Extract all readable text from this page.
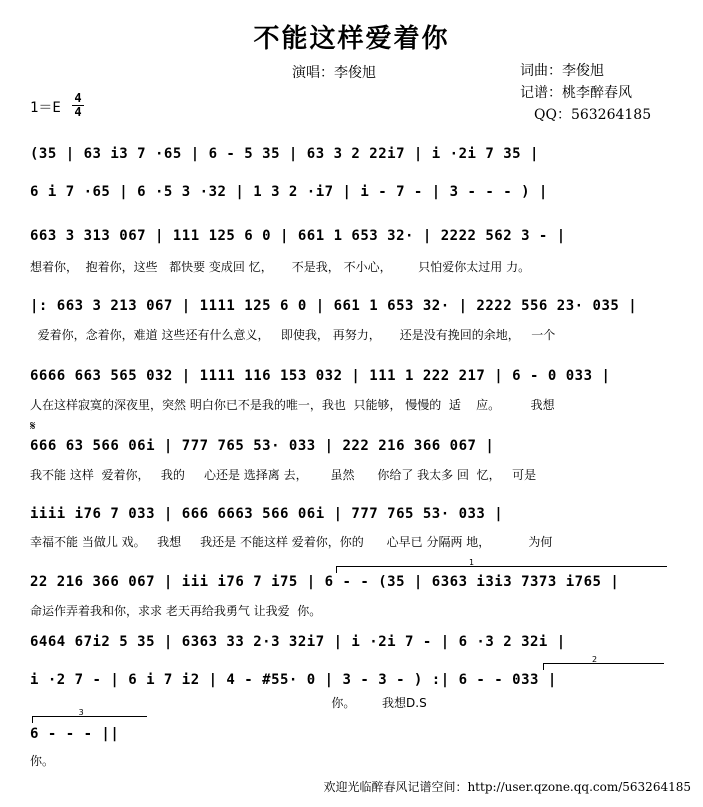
不能这样爱着你
演唱：李俊旭	词曲：李俊旭
记谱：桃李醉春风
QQ：563264185
1＝E
4
4
(35 | 63 i3 7 ·65 | 6 - 5 35 | 63 3 2 22i7 | i ·2i 7 35 |
6 i 7 ·65 | 6 ·5 3 ·32 | 1 3 2 ·i7 | i - 7 - | 3 - - - ) |
663 3 313 067 | 111 125 6 0 | 661 1 653 32· | 2222 562 3 - |
想着你，  抱着你，这些   都快要 变成回 忆，     不是我， 不小心，       只怕爱你太过用 力。
|: 663 3 213 067 | 1111 125 6 0 | 661 1 653 32· | 2222 556 23· 035 |
爱着你，念着你，难道 这些还有什么意义，   即使我， 再努力，     还是没有挽回的余地，   一个
6666 663 565 032 | 1111 116 153 032 | 111 1 222 217 | 6 - 0 033 |
人在这样寂寞的深夜里，突然 明白你已不是我的唯一，我也  只能够， 慢慢的  适    应。        我想
𝄋
666 63 566 06i | 777 765 53· 033 | 222 216 366 067 |
我不能 这样  爱着你，   我的     心还是 选择离 去，      虽然      你给了 我太多 回  忆，   可是
iiii i76 7 033 | 666 6663 566 06i | 777 765 53· 033 |
幸福不能 当做儿 戏。   我想     我还是 不能这样 爱着你，你的      心早已 分隔两 地，          为何
1
22 216 366 067 | iii i76 7 i75 | 6 - - (35 | 6363 i3i3 7373 i765 |
命运作弄着我和你，求求 老天再给我勇气 让我爱  你。
6464 67i2 5 35 | 6363 33 2·3 32i7 | i ·2i 7 - | 6 ·3 2 32i |
2
i ·2 7 - | 6 i 7 i2 | 4 - #55· 0 | 3 - 3 - ) :| 6 - - 033 |
你。       我想D.S
3
6 - - - ||
你。
欢迎光临醉春风记谱空间：http://user.qzone.qq.com/563264185
